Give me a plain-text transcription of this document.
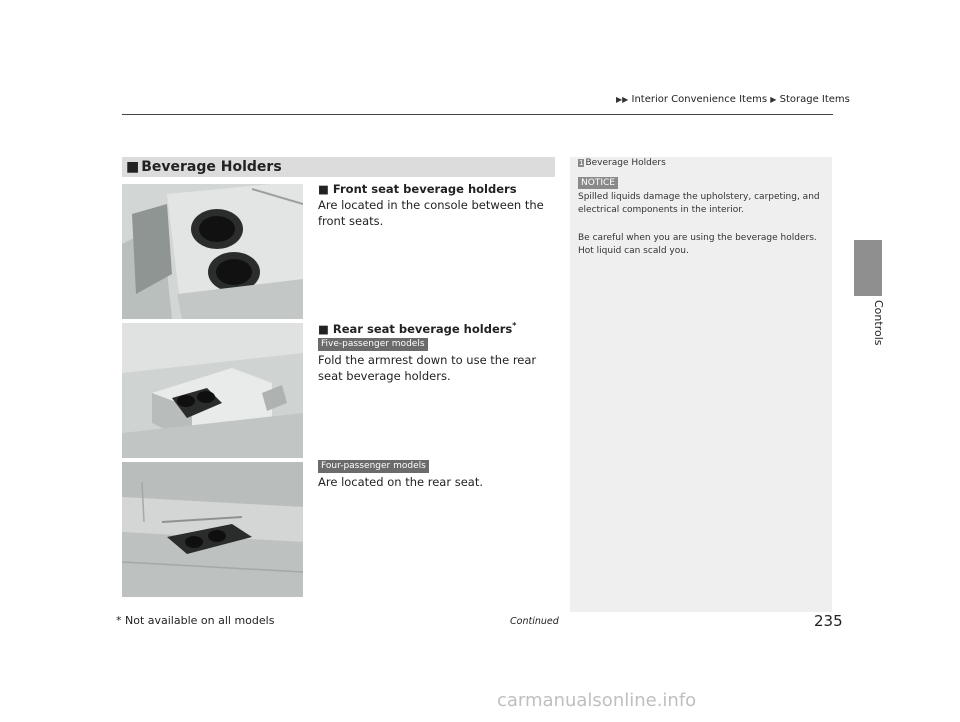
▶▶ Interior Convenience Items ▶ Storage Items
Controls
■ Beverage Holders
■ Front seat beverage holders
Are located in the console between the front seats.
■ Rear seat beverage holders*
Five-passenger models
Fold the armrest down to use the rear seat beverage holders.
Four-passenger models
Are located on the rear seat.
1 Beverage Holders
NOTICE
Spilled liquids damage the upholstery, carpeting, and electrical components in the interior.
Be careful when you are using the beverage holders. Hot liquid can scald you.
Continued
* Not available on all models	235
carmanualsonline.info
